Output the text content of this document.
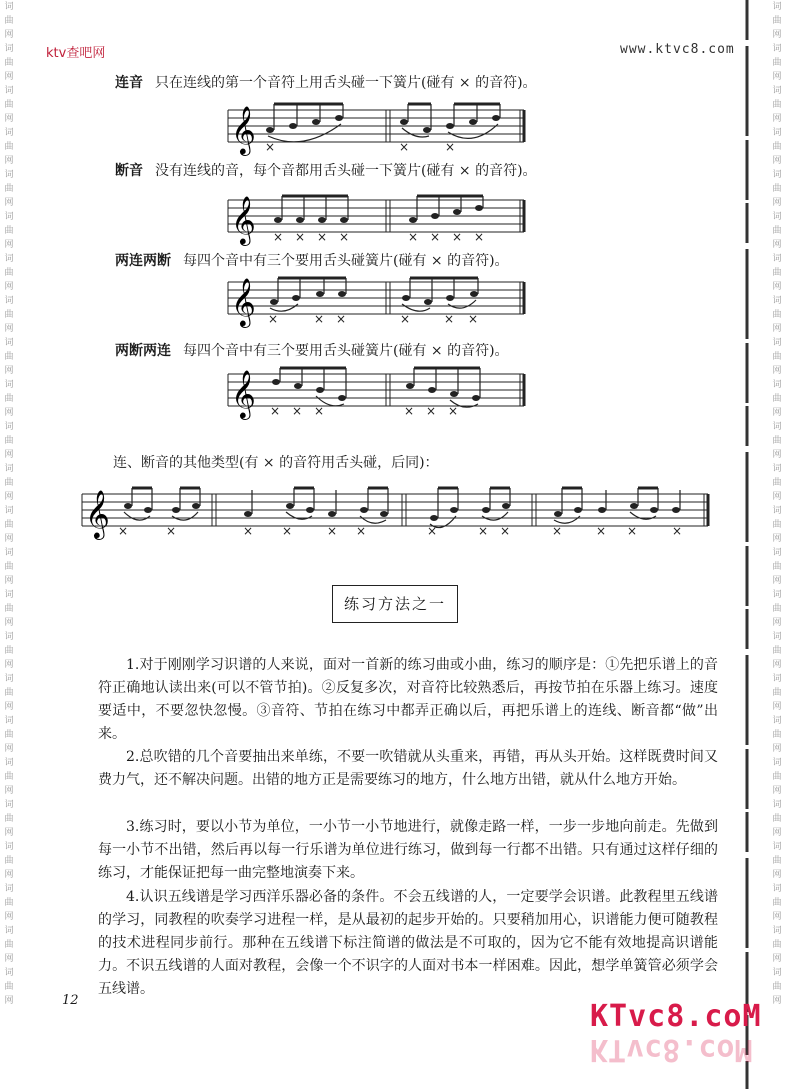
词
曲
网
词
曲
网
词
曲
网
词
曲
网
词
曲
网
词
曲
网
词
曲
网
词
曲
网
词
曲
网
词
曲
网
词
曲
网
词
曲
网
词
曲
网
词
曲
网
词
曲
网
词
曲
网
词
曲
网
词
曲
网
词
曲
网
词
曲
网
词
曲
网
词
曲
网
词
曲
网
词
曲
网
词
曲
网
词
曲
网
词
曲
网
词
曲
网
词
曲
网
词
曲
网
词
曲
网
词
曲
网
词
曲
网
词
曲
网
词
曲
网
词
曲
网
词
曲
网
词
曲
网
词
曲
网
词
曲
网
词
曲
网
词
曲
网
词
曲
网
词
曲
网
词
曲
网
词
曲
网
词
曲
网
词
曲
网
ktv查吧网	www.ktvc8.com
连音 只在连线的第一个音符上用舌头碰一下簧片(碰有 × 的音符)。
𝄞 ×	×	×
断音 没有连线的音，每个音都用舌头碰一下簧片(碰有 × 的音符)。
𝄞 × × × ×	× × × ×
两连两断 每四个音中有三个要用舌头碰簧片(碰有 × 的音符)。
𝄞 ×	× ×	×	× ×
两断两连 每四个音中有三个要用舌头碰簧片(碰有 × 的音符)。
𝄞 × × ×	× × ×
连、断音的其他类型(有 × 的音符用舌头碰，后同)：
𝄞 ×	×	× ×	× ×	×	× ×	×	× ×	×
练习方法之一

1.对于刚刚学习识谱的人来说，面对一首新的练习曲或小曲，练习的顺序是：①先把乐谱上的音符正确地认读出来(可以不管节拍)。②反复多次，对音符比较熟悉后，再按节拍在乐器上练习。速度要适中，不要忽快忽慢。③音符、节拍在练习中都弄正确以后，再把乐谱上的连线、断音都“做”出来。

2.总吹错的几个音要抽出来单练，不要一吹错就从头重来，再错，再从头开始。这样既费时间又费力气，还不解决问题。出错的地方正是需要练习的地方，什么地方出错，就从什么地方开始。

3.练习时，要以小节为单位，一小节一小节地进行，就像走路一样，一步一步地向前走。先做到每一小节不出错，然后再以每一行乐谱为单位进行练习，做到每一行都不出错。只有通过这样仔细的练习，才能保证把每一曲完整地演奏下来。

4.认识五线谱是学习西洋乐器必备的条件。不会五线谱的人，一定要学会识谱。此教程里五线谱的学习，同教程的吹奏学习进程一样，是从最初的起步开始的。只要稍加用心，识谱能力便可随教程的技术进程同步前行。那种在五线谱下标注简谱的做法是不可取的，因为它不能有效地提高识谱能力。不识五线谱的人面对教程，会像一个不识字的人面对书本一样困难。因此，想学单簧管必须学会五线谱。

12	KTvc8.coM
KTvc8.coM
